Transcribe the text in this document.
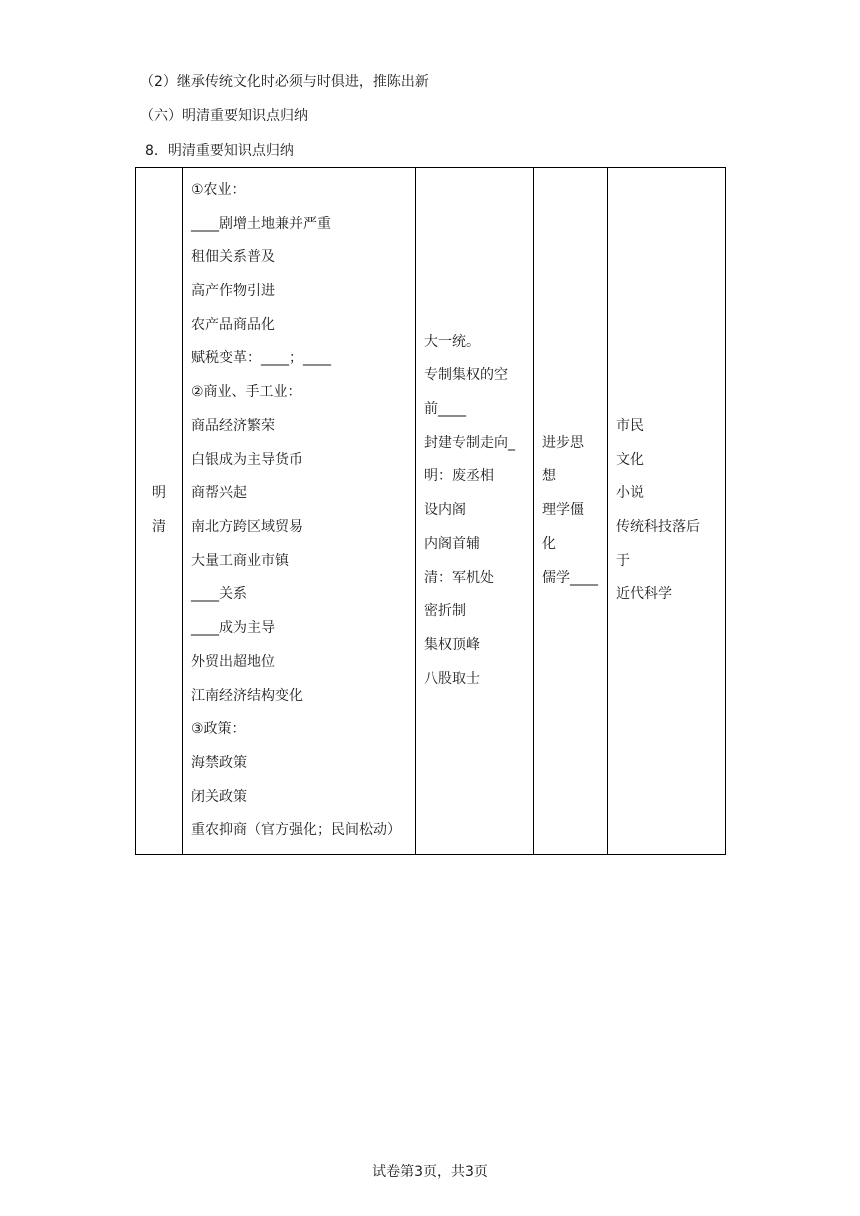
（2）继承传统文化时必须与时俱进，推陈出新
（六）明清重要知识点归纳
8．明清重要知识点归纳
明
清

①农业：
____剧增土地兼并严重
租佃关系普及
高产作物引进
农产品商品化
赋税变革：____；____
②商业、手工业：
商品经济繁荣
白银成为主导货币
商帮兴起
南北方跨区域贸易
大量工商业市镇
____关系
____成为主导
外贸出超地位
江南经济结构变化
③政策：
海禁政策
闭关政策
重农抑商（官方强化；民间松动）

大一统。
专制集权的空
前____
封建专制走向_
明：废丞相
设内阁
内阁首辅
清：军机处
密折制
集权顶峰
八股取士

进步思
想
理学僵
化
儒学____

市民
文化
小说
传统科技落后
于
近代科学
试卷第3页，共3页
